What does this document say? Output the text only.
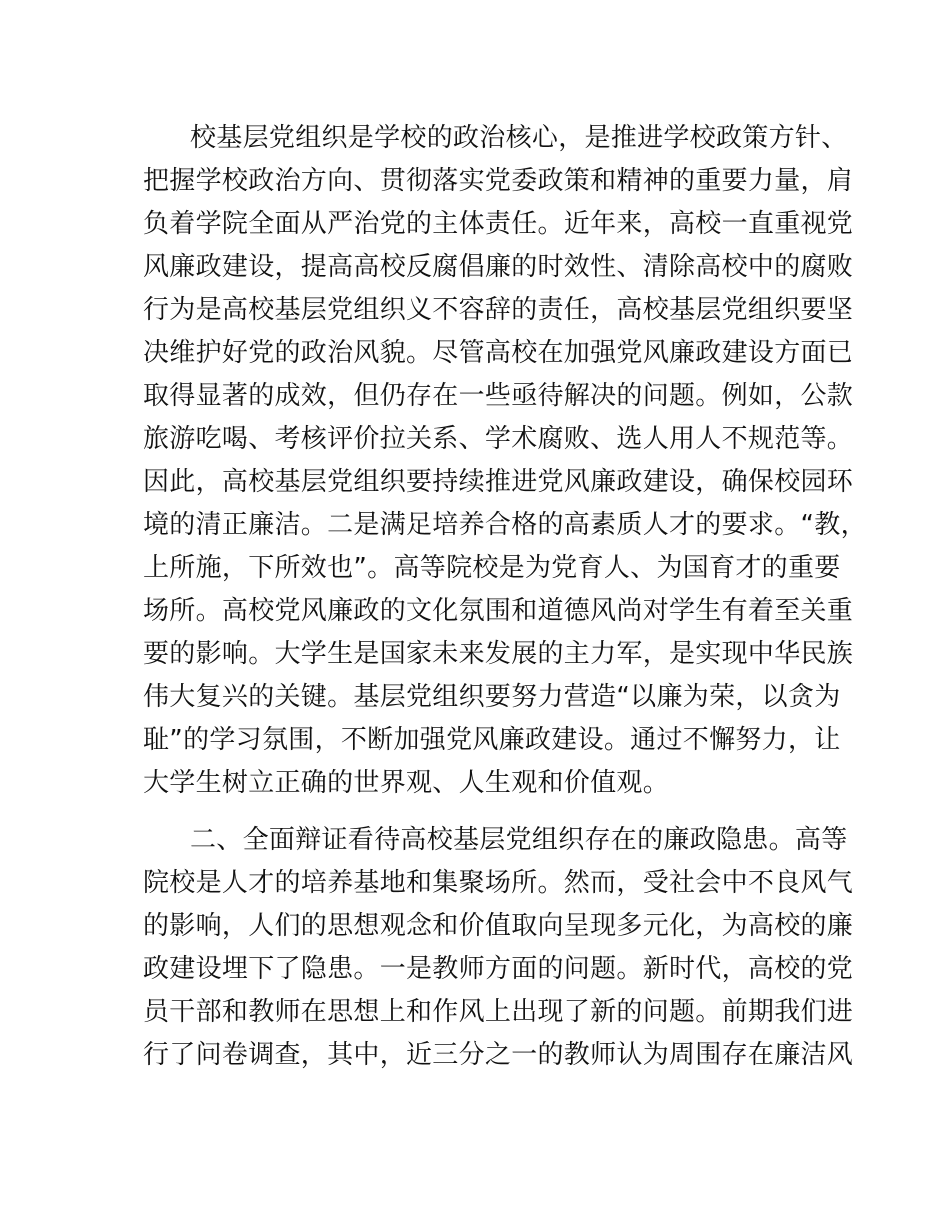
校基层党组织是学校的政治核心，是推进学校政策方针、
把握学校政治方向、贯彻落实党委政策和精神的重要力量，肩
负着学院全面从严治党的主体责任。近年来，高校一直重视党
风廉政建设，提高高校反腐倡廉的时效性、清除高校中的腐败
行为是高校基层党组织义不容辞的责任，高校基层党组织要坚
决维护好党的政治风貌。尽管高校在加强党风廉政建设方面已
取得显著的成效，但仍存在一些亟待解决的问题。例如，公款
旅游吃喝、考核评价拉关系、学术腐败、选人用人不规范等。
因此，高校基层党组织要持续推进党风廉政建设，确保校园环
境的清正廉洁。二是满足培养合格的高素质人才的要求。“教，
上所施，下所效也”。高等院校是为党育人、为国育才的重要
场所。高校党风廉政的文化氛围和道德风尚对学生有着至关重
要的影响。大学生是国家未来发展的主力军，是实现中华民族
伟大复兴的关键。基层党组织要努力营造“以廉为荣，以贪为
耻”的学习氛围，不断加强党风廉政建设。通过不懈努力，让
大学生树立正确的世界观、人生观和价值观。
二、全面辩证看待高校基层党组织存在的廉政隐患。高等
院校是人才的培养基地和集聚场所。然而，受社会中不良风气
的影响，人们的思想观念和价值取向呈现多元化，为高校的廉
政建设埋下了隐患。一是教师方面的问题。新时代，高校的党
员干部和教师在思想上和作风上出现了新的问题。前期我们进
行了问卷调查，其中，近三分之一的教师认为周围存在廉洁风
